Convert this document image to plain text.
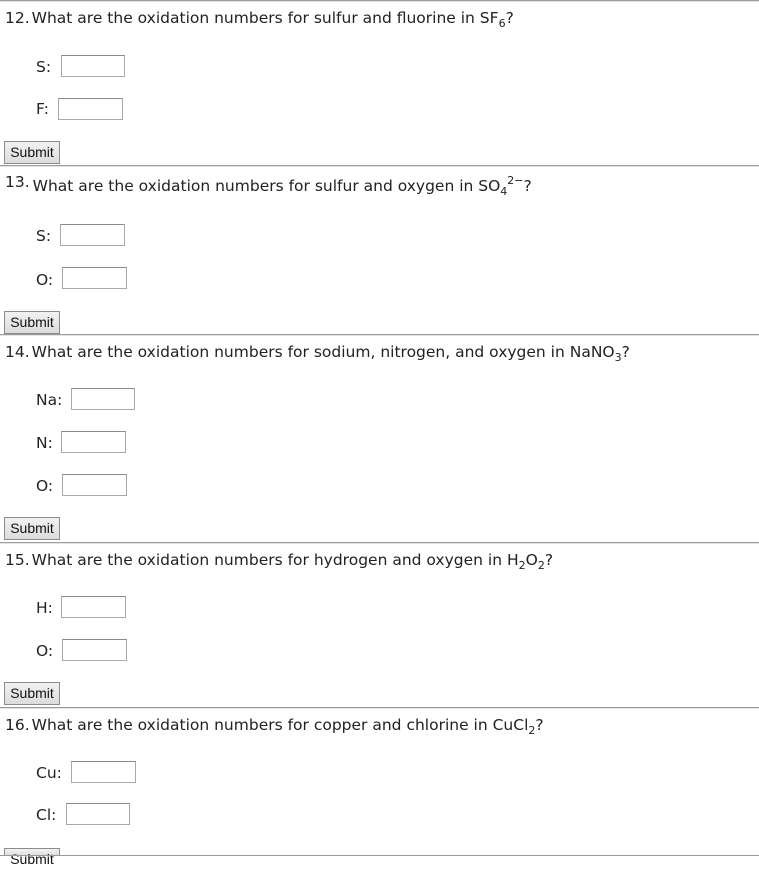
12. What are the oxidation numbers for sulfur and fluorine in $SF_6$?
S:
F:
Submit
13. What are the oxidation numbers for sulfur and oxygen in $SO_4^{2-}$?
S:
O:
Submit
14. What are the oxidation numbers for sodium, nitrogen, and oxygen in NaNO$_3$?
Na:
N:
O:
Submit
15. What are the oxidation numbers for hydrogen and oxygen in $H_2O_2$?
H:
O:
Submit
16. What are the oxidation numbers for copper and chlorine in CuCl$_2$?
Cu:
Cl:
Submit
